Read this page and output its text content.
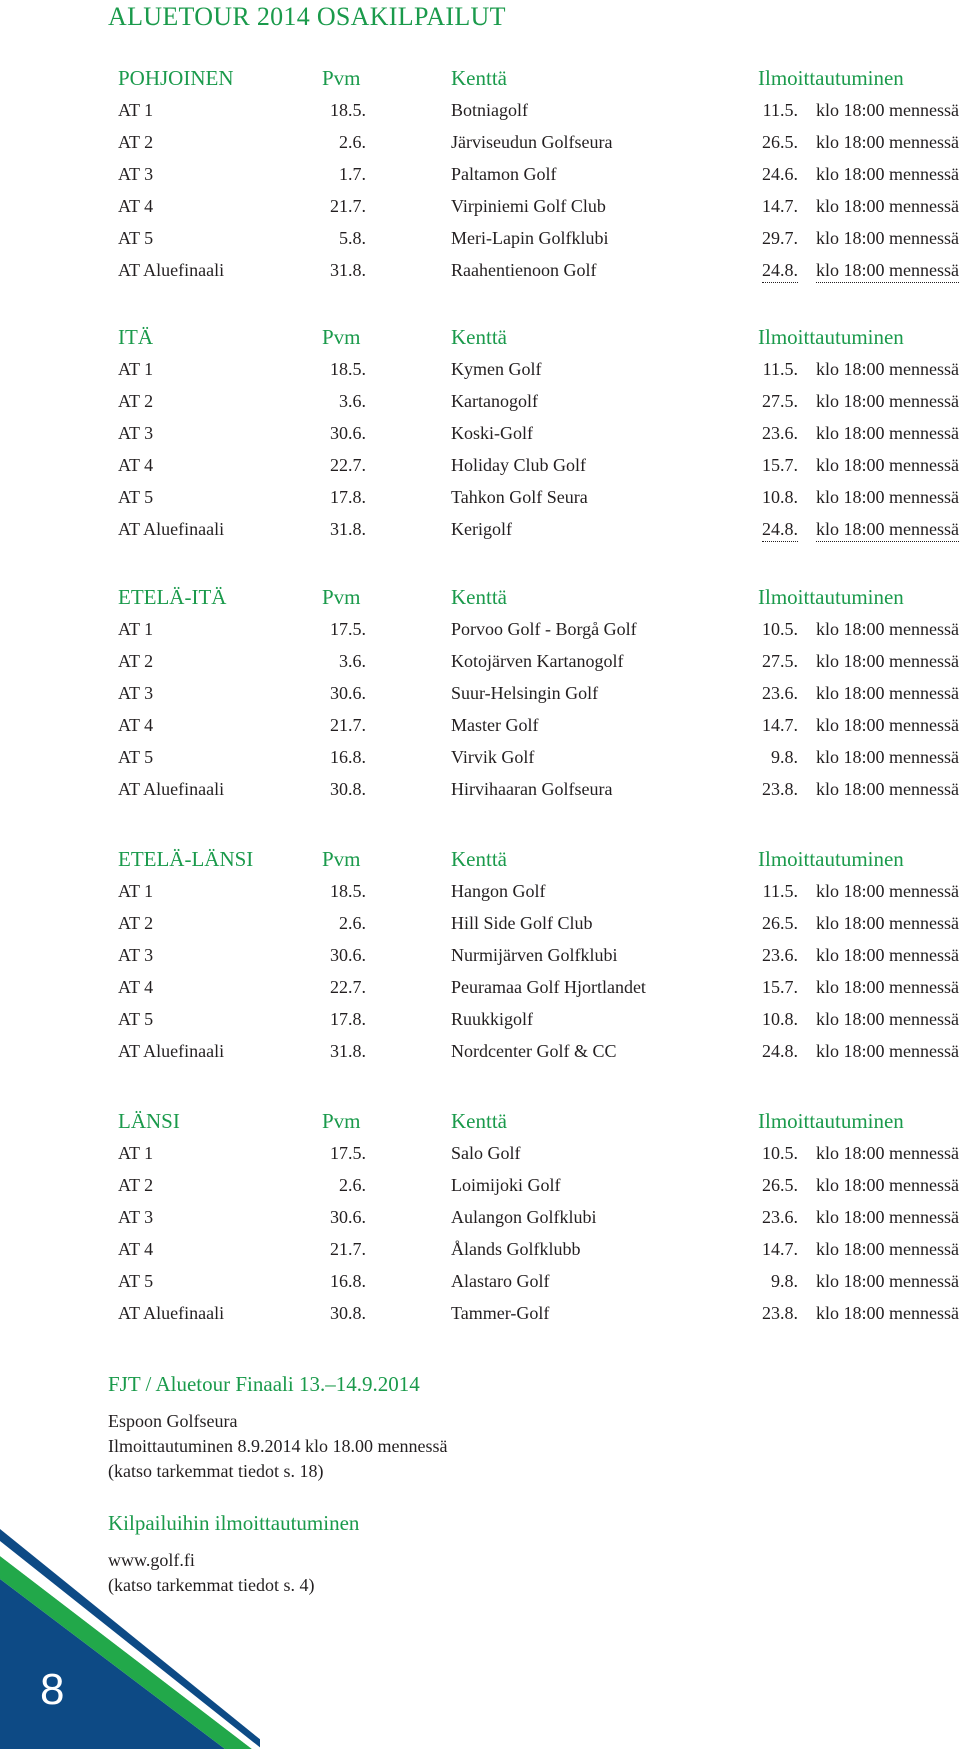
ALUETOUR 2014 OSAKILPAILUT
POHJOINEN	Pvm	Kenttä	Ilmoittautuminen
AT 1	18.5.	Botniagolf	11.5. klo 18:00 mennessä
AT 2	2.6.	Järviseudun Golfseura	26.5. klo 18:00 mennessä
AT 3	1.7.	Paltamon Golf	24.6. klo 18:00 mennessä
AT 4	21.7.	Virpiniemi Golf Club	14.7. klo 18:00 mennessä
AT 5	5.8.	Meri-Lapin Golfklubi	29.7. klo 18:00 mennessä
AT Aluefinaali	31.8.	Raahentienoon Golf	24.8. klo 18:00 mennessä
ITÄ	Pvm	Kenttä	Ilmoittautuminen
AT 1	18.5.	Kymen Golf	11.5. klo 18:00 mennessä
AT 2	3.6.	Kartanogolf	27.5. klo 18:00 mennessä
AT 3	30.6.	Koski-Golf	23.6. klo 18:00 mennessä
AT 4	22.7.	Holiday Club Golf	15.7. klo 18:00 mennessä
AT 5	17.8.	Tahkon Golf Seura	10.8. klo 18:00 mennessä
AT Aluefinaali	31.8.	Kerigolf	24.8. klo 18:00 mennessä
ETELÄ-ITÄ	Pvm	Kenttä	Ilmoittautuminen
AT 1	17.5.	Porvoo Golf - Borgå Golf	10.5. klo 18:00 mennessä
AT 2	3.6.	Kotojärven Kartanogolf	27.5. klo 18:00 mennessä
AT 3	30.6.	Suur-Helsingin Golf	23.6. klo 18:00 mennessä
AT 4	21.7.	Master Golf	14.7. klo 18:00 mennessä
AT 5	16.8.	Virvik Golf	9.8. klo 18:00 mennessä
AT Aluefinaali	30.8.	Hirvihaaran Golfseura	23.8. klo 18:00 mennessä
ETELÄ-LÄNSI	Pvm	Kenttä	Ilmoittautuminen
AT 1	18.5.	Hangon Golf	11.5. klo 18:00 mennessä
AT 2	2.6.	Hill Side Golf Club	26.5. klo 18:00 mennessä
AT 3	30.6.	Nurmijärven Golfklubi	23.6. klo 18:00 mennessä
AT 4	22.7.	Peuramaa Golf Hjortlandet	15.7. klo 18:00 mennessä
AT 5	17.8.	Ruukkigolf	10.8. klo 18:00 mennessä
AT Aluefinaali	31.8.	Nordcenter Golf & CC	24.8. klo 18:00 mennessä
LÄNSI	Pvm	Kenttä	Ilmoittautuminen
AT 1	17.5.	Salo Golf	10.5. klo 18:00 mennessä
AT 2	2.6.	Loimijoki Golf	26.5. klo 18:00 mennessä
AT 3	30.6.	Aulangon Golfklubi	23.6. klo 18:00 mennessä
AT 4	21.7.	Ålands Golfklubb	14.7. klo 18:00 mennessä
AT 5	16.8.	Alastaro Golf	9.8. klo 18:00 mennessä
AT Aluefinaali	30.8.	Tammer-Golf	23.8. klo 18:00 mennessä
FJT / Aluetour Finaali 13.–14.9.2014
Espoon Golfseura
Ilmoittautuminen 8.9.2014 klo 18.00 mennessä
(katso tarkemmat tiedot s. 18)
Kilpailuihin ilmoittautuminen
www.golf.fi
(katso tarkemmat tiedot s. 4)
8
